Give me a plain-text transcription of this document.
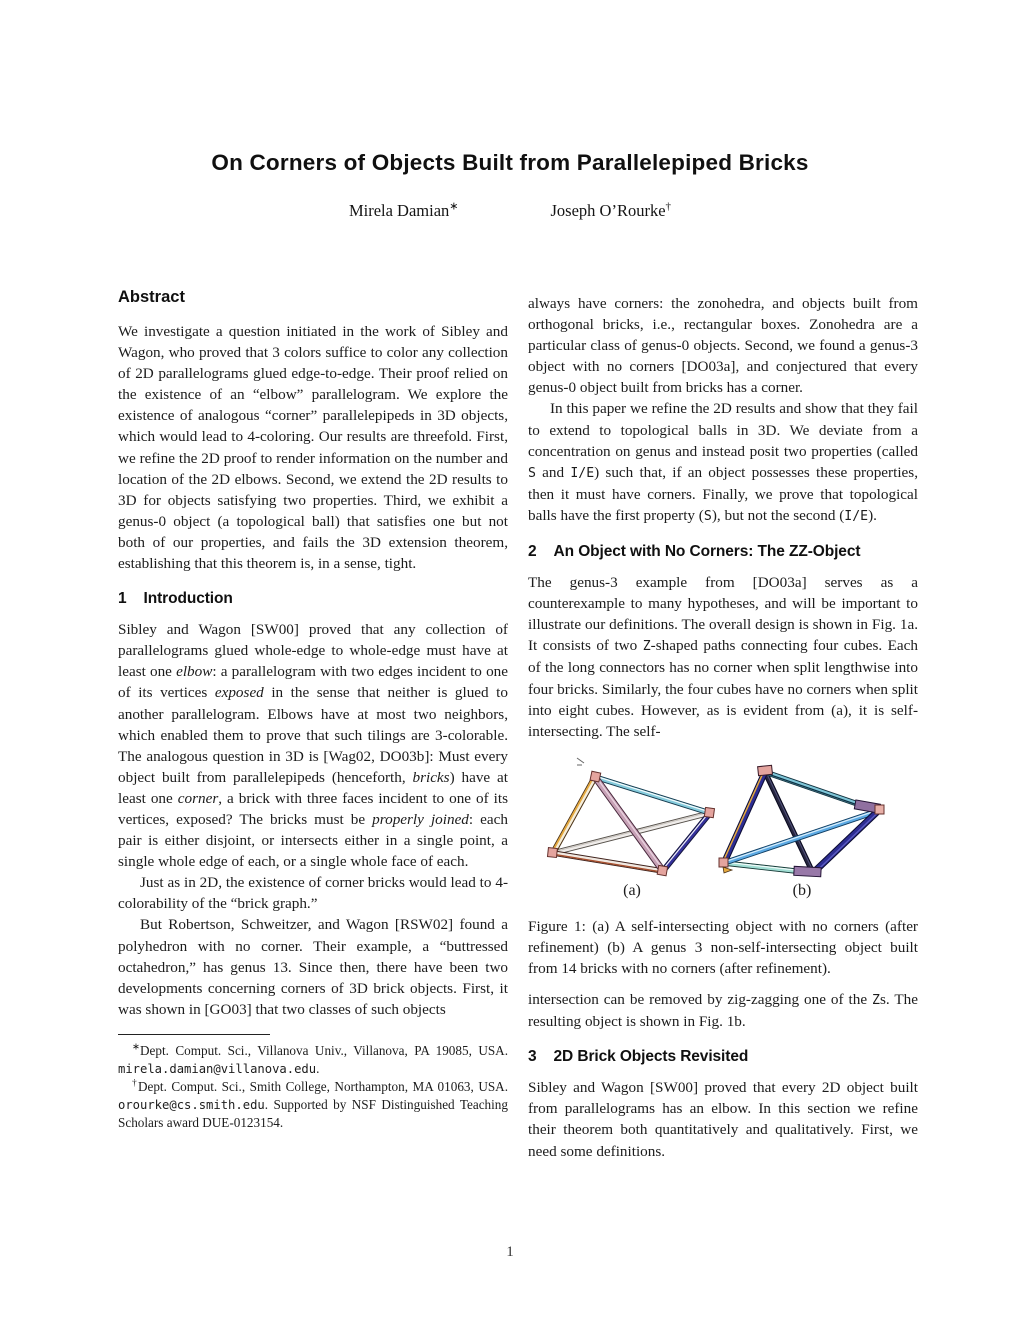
On Corners of Objects Built from Parallelepiped Bricks
Mirela Damian∗	Joseph O’Rourke†
Abstract

We investigate a question initiated in the work of Sibley and Wagon, who proved that 3 colors suffice to color any collection of 2D parallelograms glued edge-to-edge. Their proof relied on the existence of an “elbow” parallelogram. We explore the existence of analogous “corner” parallelepipeds in 3D objects, which would lead to 4-coloring. Our results are threefold. First, we refine the 2D proof to render information on the number and location of the 2D elbows. Second, we extend the 2D results to 3D for objects satisfying two properties. Third, we exhibit a genus-0 object (a topological ball) that satisfies one but not both of our properties, and fails the 3D extension theorem, establishing that this theorem is, in a sense, tight.

1 Introduction

Sibley and Wagon [SW00] proved that any collection of parallelograms glued whole-edge to whole-edge must have at least one elbow: a parallelogram with two edges incident to one of its vertices exposed in the sense that neither is glued to another parallelogram. Elbows have at most two neighbors, which enabled them to prove that such tilings are 3-colorable. The analogous question in 3D is [Wag02, DO03b]: Must every object built from parallelepipeds (henceforth, bricks) have at least one corner, a brick with three faces incident to one of its vertices, exposed? The bricks must be properly joined: each pair is either disjoint, or intersects either in a single point, a single whole edge of each, or a single whole face of each.

Just as in 2D, the existence of corner bricks would lead to 4-colorability of the “brick graph.”

But Robertson, Schweitzer, and Wagon [RSW02] found a polyhedron with no corner. Their example, a “buttressed octahedron,” has genus 13. Since then, there have been two developments concerning corners of 3D brick objects. First, it was shown in [GO03] that two classes of such objects

∗Dept. Comput. Sci., Villanova Univ., Villanova, PA 19085, USA. mirela.damian@villanova.edu.

†Dept. Comput. Sci., Smith College, Northampton, MA 01063, USA. orourke@cs.smith.edu. Supported by NSF Distinguished Teaching Scholars award DUE-0123154.

always have corners: the zonohedra, and objects built from orthogonal bricks, i.e., rectangular boxes. Zonohedra are a particular class of genus-0 objects. Second, we found a genus-3 object with no corners [DO03a], and conjectured that every genus-0 object built from bricks has a corner.

In this paper we refine the 2D results and show that they fail to extend to topological balls in 3D. We deviate from a concentration on genus and instead posit two properties (called S and I/E) such that, if an object possesses these properties, then it must have corners. Finally, we prove that topological balls have the first property (S), but not the second (I/E).

2 An Object with No Corners: The ZZ-Object

The genus-3 example from [DO03a] serves as a counterexample to many hypotheses, and will be important to illustrate our definitions. The overall design is shown in Fig. 1a. It consists of two Z-shaped paths connecting four cubes. Each of the long connectors has no corner when split lengthwise into four bricks. Similarly, the four cubes have no corners when split into eight cubes. However, as is evident from (a), it is self-intersecting. The self-

(a)	(b)

Figure 1: (a) A self-intersecting object with no corners (after refinement) (b) A genus 3 non-self-intersecting object built from 14 bricks with no corners (after refinement).

intersection can be removed by zig-zagging one of the Zs. The resulting object is shown in Fig. 1b.

3 2D Brick Objects Revisited

Sibley and Wagon [SW00] proved that every 2D object built from parallelograms has an elbow. In this section we refine their theorem both quantitatively and qualitatively. First, we need some definitions.

1
